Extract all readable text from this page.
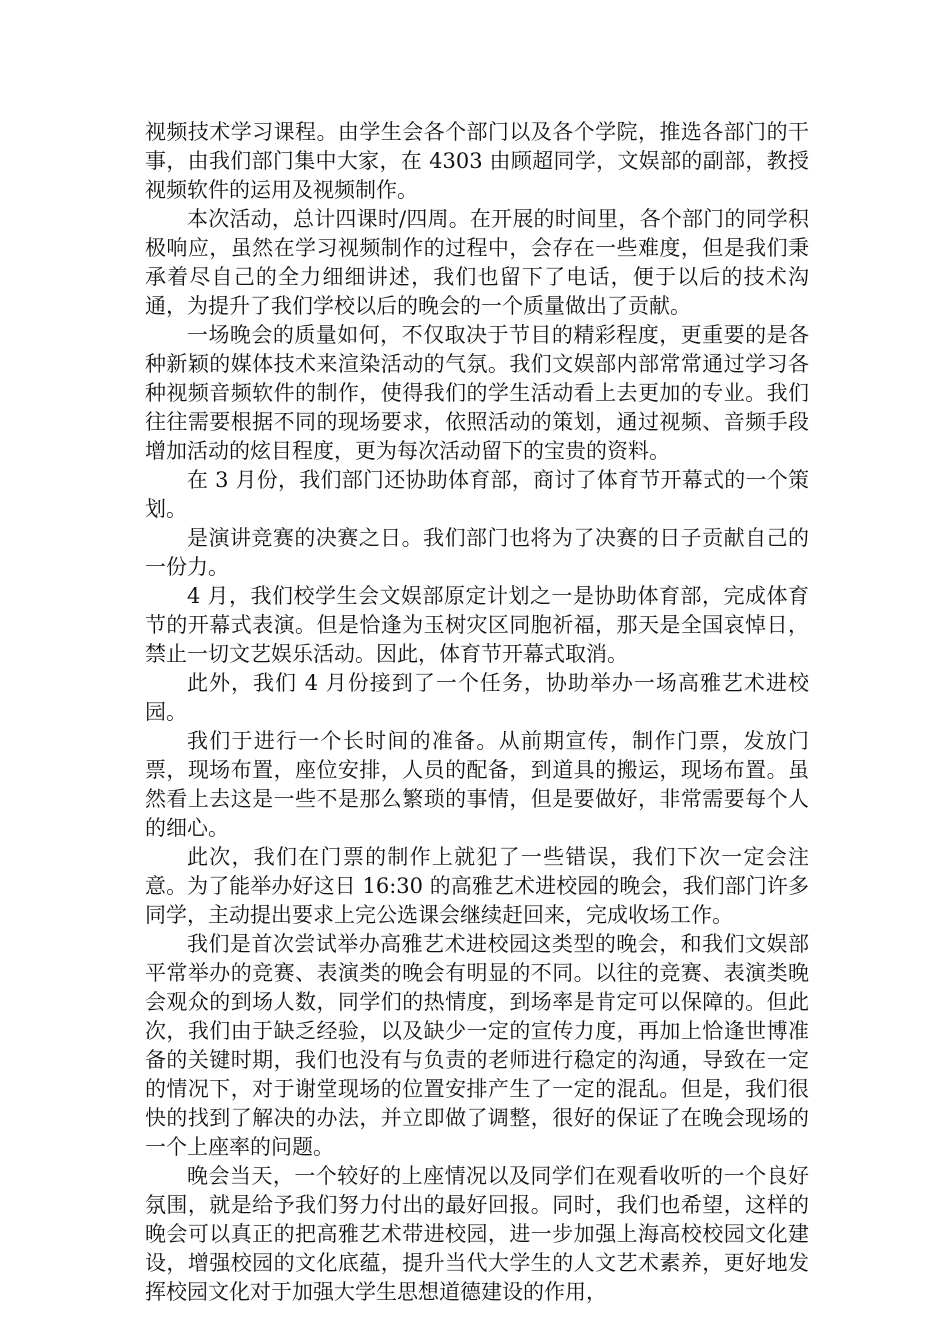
视频技术学习课程。由学生会各个部门以及各个学院，推选各部门的干事，由我们部门集中大家，在 4303 由顾超同学，文娱部的副部，教授视频软件的运用及视频制作。

本次活动，总计四课时/四周。在开展的时间里，各个部门的同学积极响应，虽然在学习视频制作的过程中，会存在一些难度，但是我们秉承着尽自己的全力细细讲述，我们也留下了电话，便于以后的技术沟通，为提升了我们学校以后的晚会的一个质量做出了贡献。

一场晚会的质量如何，不仅取决于节目的精彩程度，更重要的是各种新颖的媒体技术来渲染活动的气氛。我们文娱部内部常常通过学习各种视频音频软件的制作，使得我们的学生活动看上去更加的专业。我们往往需要根据不同的现场要求，依照活动的策划，通过视频、音频手段增加活动的炫目程度，更为每次活动留下的宝贵的资料。

在 3 月份，我们部门还协助体育部，商讨了体育节开幕式的一个策划。

是演讲竞赛的决赛之日。我们部门也将为了决赛的日子贡献自己的一份力。

4 月，我们校学生会文娱部原定计划之一是协助体育部，完成体育节的开幕式表演。但是恰逢为玉树灾区同胞祈福，那天是全国哀悼日，禁止一切文艺娱乐活动。因此，体育节开幕式取消。

此外，我们 4 月份接到了一个任务，协助举办一场高雅艺术进校园。

我们于进行一个长时间的准备。从前期宣传，制作门票，发放门票，现场布置，座位安排，人员的配备，到道具的搬运，现场布置。虽然看上去这是一些不是那么繁琐的事情，但是要做好，非常需要每个人的细心。

此次，我们在门票的制作上就犯了一些错误，我们下次一定会注意。为了能举办好这日 16:30 的高雅艺术进校园的晚会，我们部门许多同学，主动提出要求上完公选课会继续赶回来，完成收场工作。

我们是首次尝试举办高雅艺术进校园这类型的晚会，和我们文娱部平常举办的竞赛、表演类的晚会有明显的不同。以往的竞赛、表演类晚会观众的到场人数，同学们的热情度，到场率是肯定可以保障的。但此次，我们由于缺乏经验，以及缺少一定的宣传力度，再加上恰逢世博准备的关键时期，我们也没有与负责的老师进行稳定的沟通，导致在一定的情况下，对于谢堂现场的位置安排产生了一定的混乱。但是，我们很快的找到了解决的办法，并立即做了调整，很好的保证了在晚会现场的一个上座率的问题。

晚会当天，一个较好的上座情况以及同学们在观看收听的一个良好氛围，就是给予我们努力付出的最好回报。同时，我们也希望，这样的晚会可以真正的把高雅艺术带进校园，进一步加强上海高校校园文化建设，增强校园的文化底蕴，提升当代大学生的人文艺术素养，更好地发挥校园文化对于加强大学生思想道德建设的作用，
